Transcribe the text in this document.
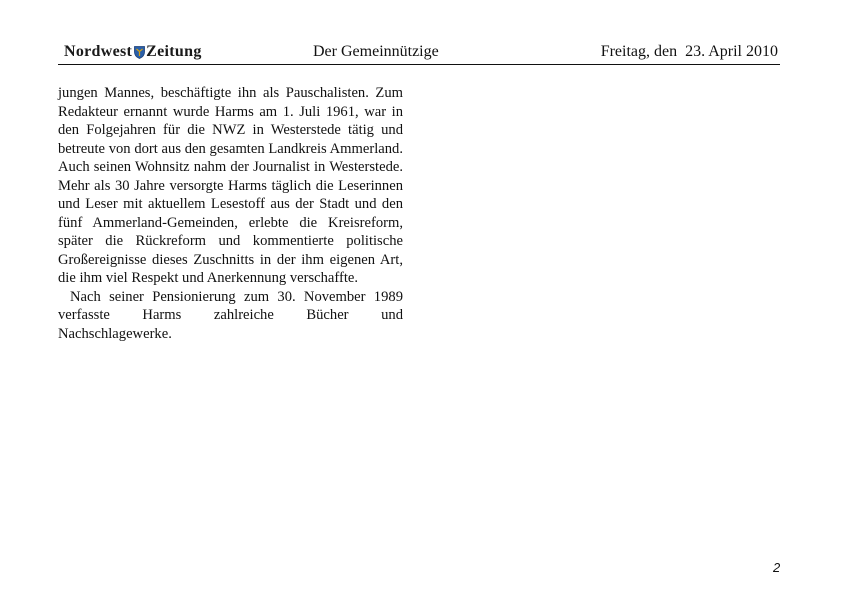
Nordwest Zeitung	Der Gemeinnützige	Freitag, den  23. April 2010

jungen Mannes, beschäftigte ihn als Pauschalisten. Zum Redakteur ernannt wurde Harms am 1. Juli 1961, war in den Folgejahren für die NWZ in Westerstede tätig und betreute von dort aus den gesamten Landkreis Ammerland. Auch seinen Wohnsitz nahm der Journalist in Westerstede. Mehr als 30 Jahre versorgte Harms täglich die Leserinnen und Leser mit aktuellem Lesestoff aus der Stadt und den fünf Ammerland-Gemeinden, erlebte die Kreisreform, später die Rückreform und kommentierte politische Großereignisse dieses Zuschnitts in der ihm eigenen Art, die ihm viel Respekt und Anerkennung verschaffte.

Nach seiner Pensionierung zum 30. November 1989 verfasste Harms zahlreiche Bücher und Nachschlagewerke.

2
